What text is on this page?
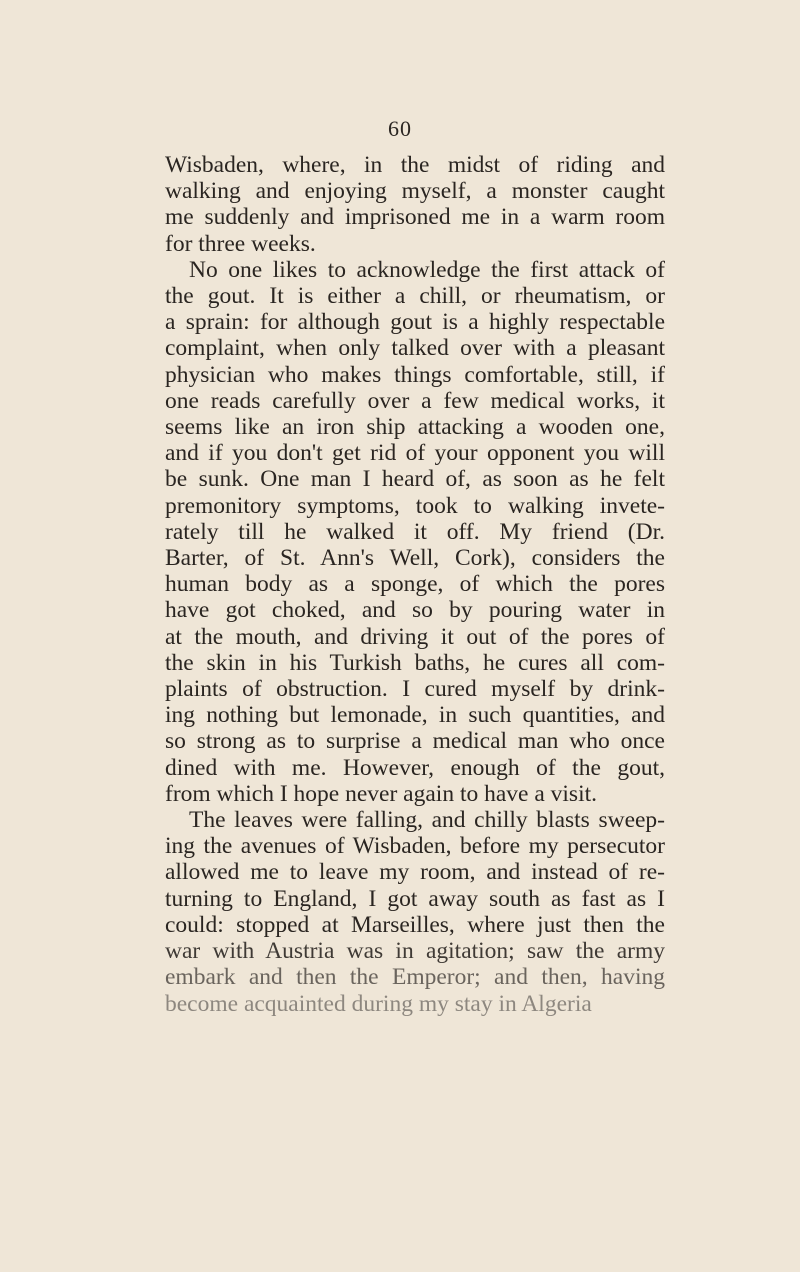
60
Wisbaden, where, in the midst of riding and
walking and enjoying myself, a monster caught
me suddenly and imprisoned me in a warm room
for three weeks.
No one likes to acknowledge the first attack of
the gout. It is either a chill, or rheumatism, or
a sprain: for although gout is a highly respectable
complaint, when only talked over with a pleasant
physician who makes things comfortable, still, if
one reads carefully over a few medical works, it
seems like an iron ship attacking a wooden one,
and if you don't get rid of your opponent you will
be sunk. One man I heard of, as soon as he felt
premonitory symptoms, took to walking invete-
rately till he walked it off. My friend (Dr.
Barter, of St. Ann's Well, Cork), considers the
human body as a sponge, of which the pores
have got choked, and so by pouring water in
at the mouth, and driving it out of the pores of
the skin in his Turkish baths, he cures all com-
plaints of obstruction. I cured myself by drink-
ing nothing but lemonade, in such quantities, and
so strong as to surprise a medical man who once
dined with me. However, enough of the gout,
from which I hope never again to have a visit.
The leaves were falling, and chilly blasts sweep-
ing the avenues of Wisbaden, before my persecutor
allowed me to leave my room, and instead of re-
turning to England, I got away south as fast as I
could: stopped at Marseilles, where just then the
war with Austria was in agitation; saw the army
embark and then the Emperor; and then, having
become acquainted during my stay in Algeria
